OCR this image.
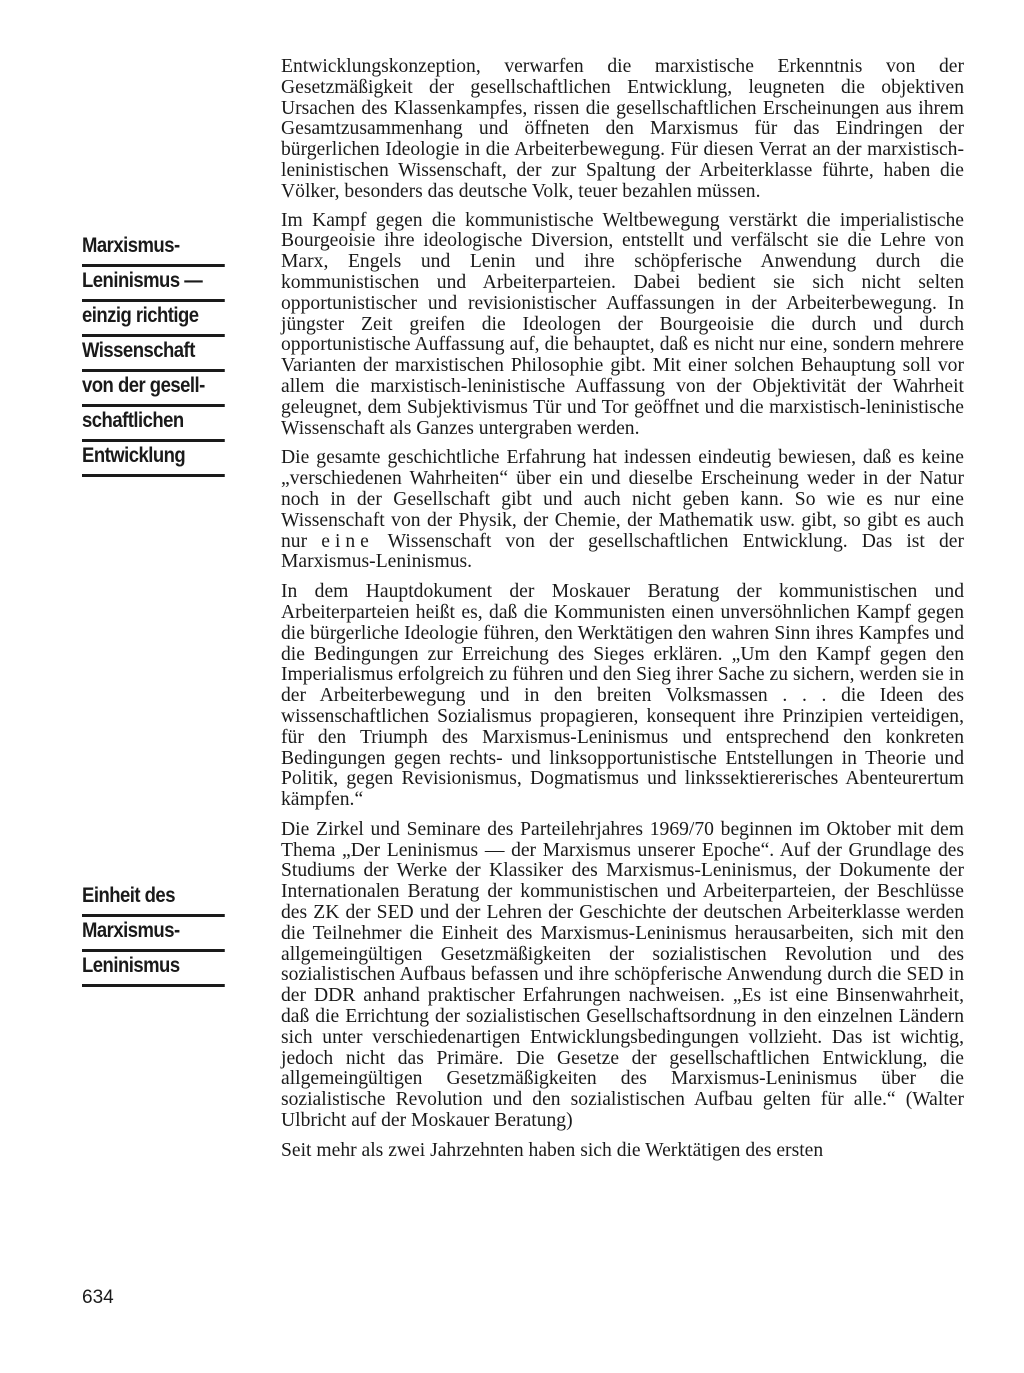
Marxismus-
Leninismus —
einzig richtige
Wissenschaft
von der gesell-
schaftlichen
Entwicklung
Einheit des
Marxismus-
Leninismus

Entwicklungskonzeption, verwarfen die marxistische Erkenntnis von der Gesetzmäßigkeit der gesellschaftlichen Entwicklung, leugneten die objektiven Ursachen des Klassenkampfes, rissen die gesellschaftlichen Erscheinungen aus ihrem Gesamtzusammenhang und öffneten den Marxismus für das Eindringen der bürgerlichen Ideologie in die Arbeiterbewegung. Für diesen Verrat an der marxistisch-leninistischen Wissenschaft, der zur Spaltung der Arbeiterklasse führte, haben die Völker, besonders das deutsche Volk, teuer bezahlen müssen.

Im Kampf gegen die kommunistische Weltbewegung verstärkt die imperialistische Bourgeoisie ihre ideologische Diversion, entstellt und verfälscht sie die Lehre von Marx, Engels und Lenin und ihre schöpferische Anwendung durch die kommunistischen und Arbeiterparteien. Dabei bedient sie sich nicht selten opportunistischer und revisionistischer Auffassungen in der Arbeiterbewegung. In jüngster Zeit greifen die Ideologen der Bourgeoisie die durch und durch opportunistische Auffassung auf, die behauptet, daß es nicht nur eine, sondern mehrere Varianten der marxistischen Philosophie gibt. Mit einer solchen Behauptung soll vor allem die marxistisch-leninistische Auffassung von der Objektivität der Wahrheit geleugnet, dem Subjektivismus Tür und Tor geöffnet und die marxistisch-leninistische Wissenschaft als Ganzes untergraben werden.

Die gesamte geschichtliche Erfahrung hat indessen eindeutig bewiesen, daß es keine „verschiedenen Wahrheiten“ über ein und dieselbe Erscheinung weder in der Natur noch in der Gesellschaft gibt und auch nicht geben kann. So wie es nur eine Wissenschaft von der Physik, der Chemie, der Mathematik usw. gibt, so gibt es auch nur eine Wissenschaft von der gesellschaftlichen Entwicklung. Das ist der Marxismus-Leninismus.

In dem Hauptdokument der Moskauer Beratung der kommunistischen und Arbeiterparteien heißt es, daß die Kommunisten einen unversöhnlichen Kampf gegen die bürgerliche Ideologie führen, den Werktätigen den wahren Sinn ihres Kampfes und die Bedingungen zur Erreichung des Sieges erklären. „Um den Kampf gegen den Imperialismus erfolgreich zu führen und den Sieg ihrer Sache zu sichern, werden sie in der Arbeiterbewegung und in den breiten Volksmassen . . . die Ideen des wissenschaftlichen Sozialismus propagieren, konsequent ihre Prinzipien verteidigen, für den Triumph des Marxismus-Leninismus und entsprechend den konkreten Bedingungen gegen rechts- und linksopportunistische Entstellungen in Theorie und Politik, gegen Revisionismus, Dogmatismus und linkssektiererisches Abenteurertum kämpfen.“

Die Zirkel und Seminare des Parteilehrjahres 1969/70 beginnen im Oktober mit dem Thema „Der Leninismus — der Marxismus unserer Epoche“. Auf der Grundlage des Studiums der Werke der Klassiker des Marxismus-Leninismus, der Dokumente der Internationalen Beratung der kommunistischen und Arbeiterparteien, der Beschlüsse des ZK der SED und der Lehren der Geschichte der deutschen Arbeiterklasse werden die Teilnehmer die Einheit des Marxismus-Leninismus herausarbeiten, sich mit den allgemeingültigen Gesetzmäßigkeiten der sozialistischen Revolution und des sozialistischen Aufbaus befassen und ihre schöpferische Anwendung durch die SED in der DDR anhand praktischer Erfahrungen nachweisen. „Es ist eine Binsenwahrheit, daß die Errichtung der sozialistischen Gesellschaftsordnung in den einzelnen Ländern sich unter verschiedenartigen Entwicklungsbedingungen vollzieht. Das ist wichtig, jedoch nicht das Primäre. Die Gesetze der gesellschaftlichen Entwicklung, die allgemeingültigen Gesetzmäßigkeiten des Marxismus-Leninismus über die sozialistische Revolution und den sozialistischen Aufbau gelten für alle.“ (Walter Ulbricht auf der Moskauer Beratung)

Seit mehr als zwei Jahrzehnten haben sich die Werktätigen des ersten

634
